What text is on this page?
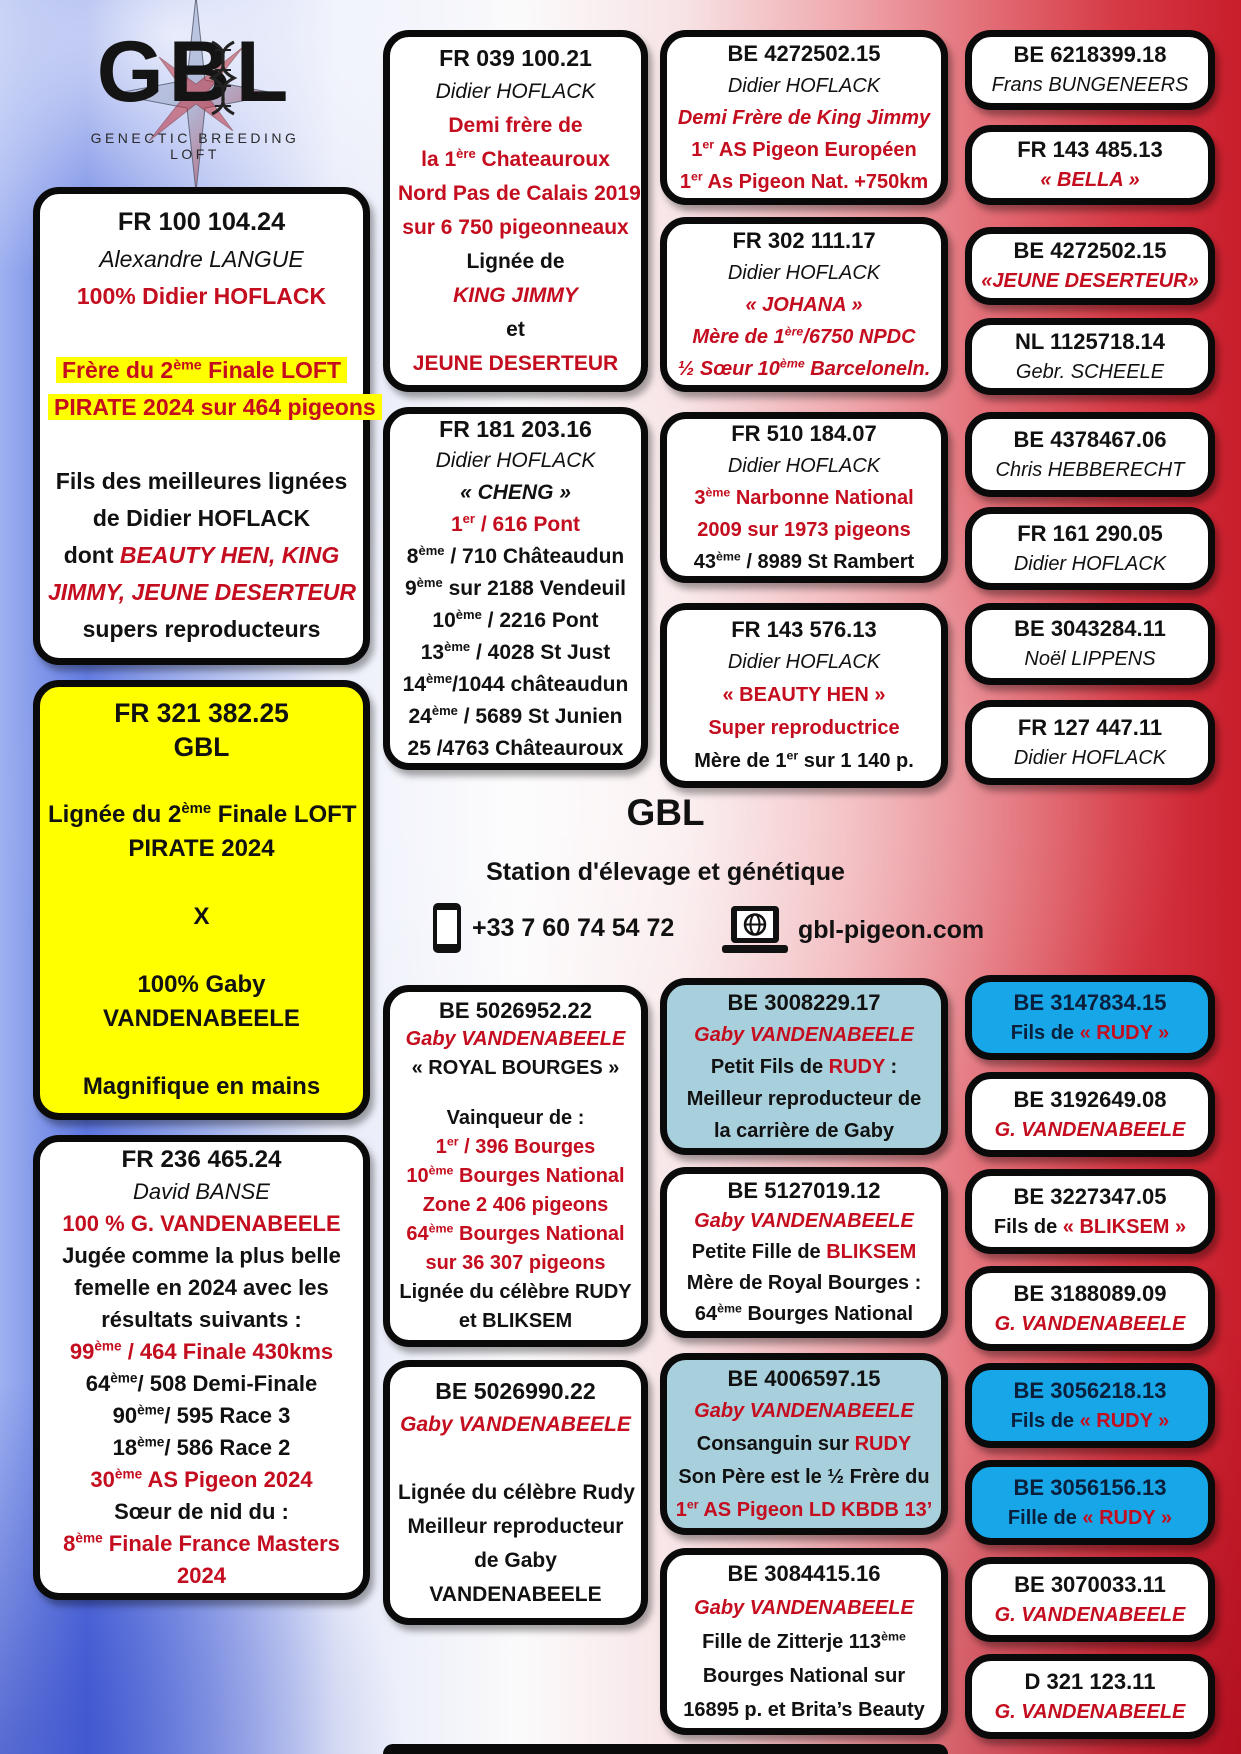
GBL
GENECTIC BREEDING LOFT
FR 100 104.24
Alexandre LANGUE
100% Didier HOFLACK
Frère du 2ème Finale LOFT
PIRATE 2024 sur 464 pigeons
Fils des meilleures lignées
de Didier HOFLACK
dont BEAUTY HEN, KING
JIMMY, JEUNE DESERTEUR
supers reproducteurs
FR 321 382.25
GBL
Lignée du 2ème Finale LOFT
PIRATE 2024
X
100% Gaby
VANDENABEELE
Magnifique en mains
FR 236 465.24
David BANSE
100 % G. VANDENABEELE
Jugée comme la plus belle
femelle en 2024 avec les
résultats suivants :
99ème / 464 Finale 430kms
64ème/ 508 Demi-Finale
90ème/ 595 Race 3
18ème/ 586 Race 2
30ème AS Pigeon 2024
Sœur de nid du :
8ème Finale France Masters
2024
FR 039 100.21
Didier HOFLACK
Demi frère de
la 1ère Chateauroux
Nord Pas de Calais 2019
sur 6 750 pigeonneaux
Lignée de
KING JIMMY
et
JEUNE DESERTEUR
FR 181 203.16
Didier HOFLACK
« CHENG »
1er / 616 Pont
8ème / 710 Châteaudun
9ème sur 2188 Vendeuil
10ème / 2216 Pont
13ème / 4028 St Just
14ème/1044 châteaudun
24ème / 5689 St Junien
25 /4763 Châteauroux
BE 5026952.22
Gaby VANDENABEELE
« ROYAL BOURGES »
Vainqueur de :
1er / 396 Bourges
10ème Bourges National
Zone 2 406 pigeons
64ème Bourges National
sur 36 307 pigeons
Lignée du célèbre RUDY
et BLIKSEM
BE 5026990.22
Gaby VANDENABEELE
Lignée du célèbre Rudy
Meilleur reproducteur
de Gaby
VANDENABEELE
BE 4272502.15
Didier HOFLACK
Demi Frère de King Jimmy
1er AS Pigeon Européen
1er As Pigeon Nat. +750km
FR 302 111.17
Didier HOFLACK
« JOHANA »
Mère de 1ère/6750 NPDC
½ Sœur 10ème Barceloneln.
FR 510 184.07
Didier HOFLACK
3ème Narbonne National
2009 sur 1973 pigeons
43ème / 8989 St Rambert
FR 143 576.13
Didier HOFLACK
« BEAUTY HEN »
Super reproductrice
Mère de 1er sur 1 140 p.
BE 3008229.17
Gaby VANDENABEELE
Petit Fils de RUDY :
Meilleur reproducteur de
la carrière de Gaby
BE 5127019.12
Gaby VANDENABEELE
Petite Fille de BLIKSEM
Mère de Royal Bourges :
64ème Bourges National
BE 4006597.15
Gaby VANDENABEELE
Consanguin sur RUDY
Son Père est le ½ Frère du
1er AS Pigeon LD KBDB 13’
BE 3084415.16
Gaby VANDENABEELE
Fille de Zitterje 113ème
Bourges National sur
16895 p. et Brita’s Beauty
BE 6218399.18
Frans BUNGENEERS
FR 143 485.13
« BELLA »
BE 4272502.15
«JEUNE DESERTEUR»
NL 1125718.14
Gebr. SCHEELE
BE 4378467.06
Chris HEBBERECHT
FR 161 290.05
Didier HOFLACK
BE 3043284.11
Noël LIPPENS
FR 127 447.11
Didier HOFLACK
BE 3147834.15
Fils de « RUDY »
BE 3192649.08
G. VANDENABEELE
BE 3227347.05
Fils de « BLIKSEM »
BE 3188089.09
G. VANDENABEELE
BE 3056218.13
Fils de « RUDY »
BE 3056156.13
Fille de « RUDY »
BE 3070033.11
G. VANDENABEELE
D 321 123.11
G. VANDENABEELE
GBL
Station d'élevage et génétique
+33 7 60 74 54 72	gbl-pigeon.com
